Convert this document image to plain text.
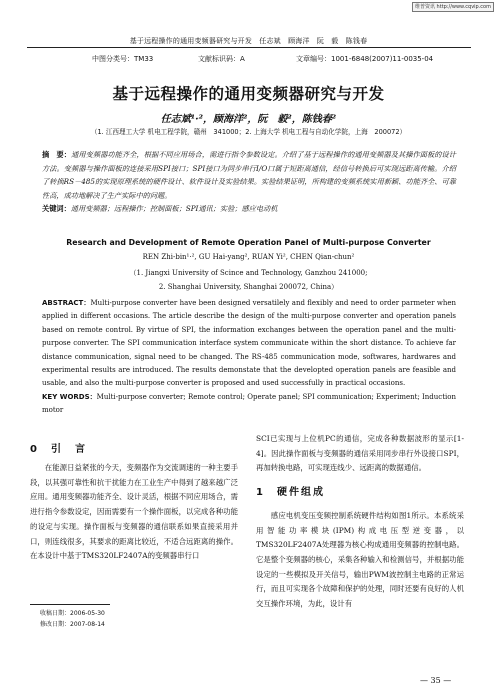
维普资讯 http://www.cqvip.com
基于远程操作的通用变频器研究与开发　任志斌　顾海洋　阮　毅　陈钱春
中图分类号：TM33	文献标识码：A	文章编号：1001-6848(2007)11-0035-04
基于远程操作的通用变频器研究与开发
任志斌¹·²，顾海洋²，阮　毅²，陈钱春²
（1. 江西理工大学 机电工程学院，赣州　341000；2. 上海大学 机电工程与自动化学院，上海　200072）
摘　要：通用变频器功能齐全，根据不同应用场合，需进行指令参数设定。介绍了基于远程操作的通用变频器及其操作面板的设计方法。变频器与操作面板的连接采用SPI接口；SPI接口为同步串行I/O口属于短距离通信，经信号转换后可实现远距离传输。介绍了转换RS－485的实现原理系统的硬件设计、软件设计及实验结果。实验结果证明，所构建的变频系统实用新颖、功能齐全、可靠性高，成功地解决了生产实际中的问题。
关键词：通用变频器；远程操作；控制面板；SPI通讯；实验；感应电动机
Research and Development of Remote Operation Panel of Multi-purpose Converter
REN Zhi-bin¹·², GU Hai-yang², RUAN Yi², CHEN Qian-chun²
（1. Jiangxi University of Scince and Technology, Ganzhou 241000;
2. Shanghai University, Shanghai 200072, China）
ABSTRACT：Multi-purpose converter have been designed versatilely and flexibly and need to order parmeter when applied in different occasions. The article describe the design of the multi-purpose converter and operation panels based on remote control. By virtue of SPI, the information exchanges between the operation panel and the multi-purpose converter. The SPI communication interface system communicate within the short distance. To achieve far distance communication, signal need to be changed. The RS-485 communication mode, softwares, hardwares and experimental results are introduced. The results demonstate that the developted operation panels are feasible and usable, and also the multi-purpose converter is proposed and used successfully in practical occasions.
KEY WORDS：Multi-purpose converter; Remote control; Operate panel; SPI communication; Experiment; Induction motor
0　引　言

在能源日益紧张的今天，变频器作为交流调速的一种主要手段，以其强可靠性和抗干扰能力在工业生产中得到了越来越广泛应用。通用变频器功能齐全、设计灵活，根据不同应用场合，需进行指令参数设定，因而需要有一个操作面板，以完成各种功能的设定与实现。操作面板与变频器的通信联系如果直接采用并口，则连线很多，其要求的距离比较近，不适合远距离的操作。在本设计中基于TMS320LF2407A的变频器串行口

收稿日期：2006-05-30
修改日期：2007-08-14

SCI已实现与上位机PC的通信，完成各种数据波形的显示[1-4]。因此操作面板与变频器的通信采用同步串行外设接口SPI，再加转换电路，可实现连线少、远距离的数据通信。

1　硬件组成

感应电机变压变频控制系统硬件结构如图1所示。本系统采用智能功率模块(IPM)构成电压型逆变器，以TMS320LF2407A处理器为核心构成通用变频器的控制电路。它是整个变频器的核心，采集各种输入和检测信号，并根据功能设定的一些模拟及开关信号，输出PWM波控制主电路的正常运行，而且可实现各个故障和保护的处理，同时还要有良好的人机交互操作环境，为此，设计有

— 35 —
